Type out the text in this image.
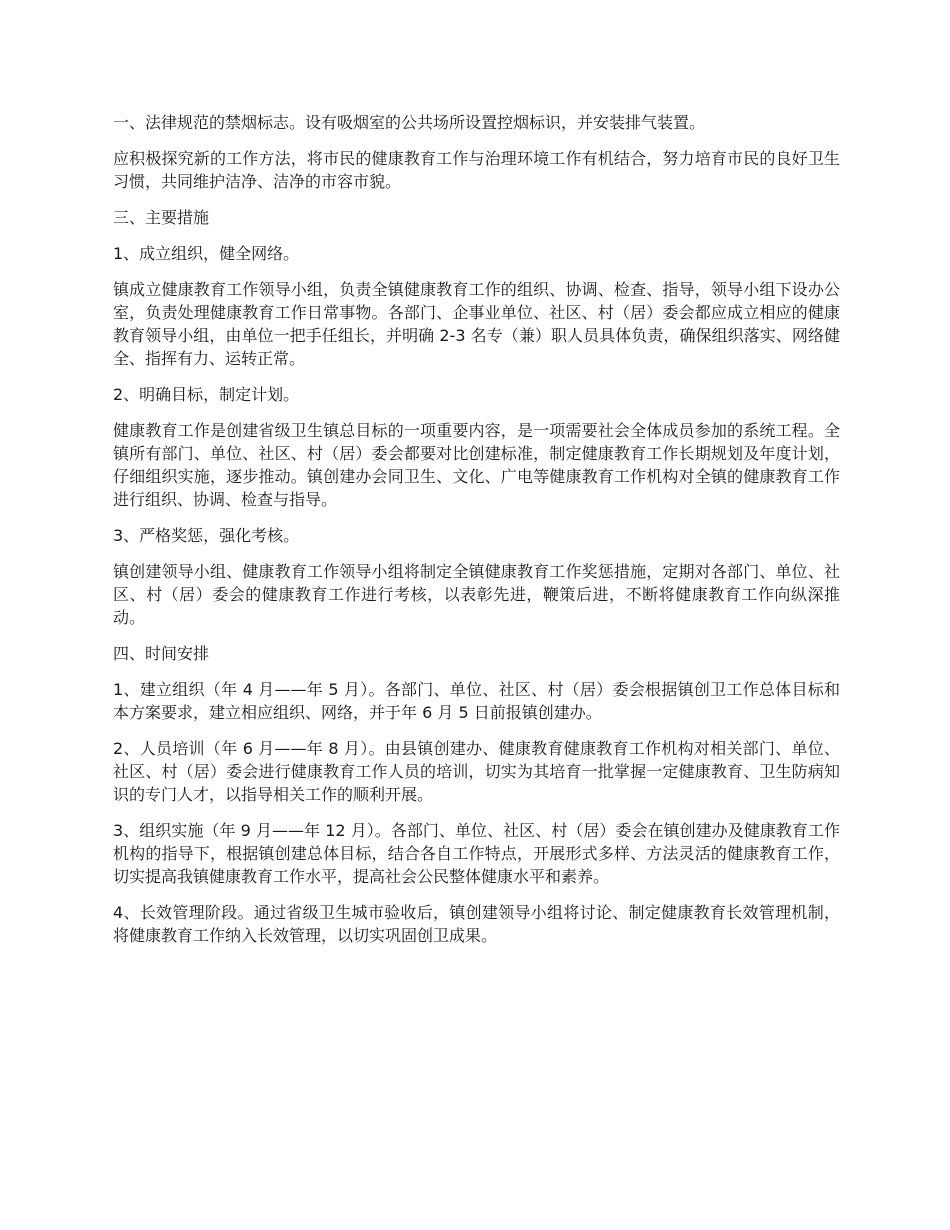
一、法律规范的禁烟标志。设有吸烟室的公共场所设置控烟标识，并安装排气装置。

应积极探究新的工作方法，将市民的健康教育工作与治理环境工作有机结合，努力培育市民的良好卫生习惯，共同维护洁净、洁净的市容市貌。

三、主要措施

1、成立组织，健全网络。

镇成立健康教育工作领导小组，负责全镇健康教育工作的组织、协调、检查、指导，领导小组下设办公室，负责处理健康教育工作日常事物。各部门、企事业单位、社区、村（居）委会都应成立相应的健康教育领导小组，由单位一把手任组长，并明确 2-3 名专（兼）职人员具体负责，确保组织落实、网络健全、指挥有力、运转正常。

2、明确目标，制定计划。

健康教育工作是创建省级卫生镇总目标的一项重要内容，是一项需要社会全体成员参加的系统工程。全镇所有部门、单位、社区、村（居）委会都要对比创建标准，制定健康教育工作长期规划及年度计划，仔细组织实施，逐步推动。镇创建办会同卫生、文化、广电等健康教育工作机构对全镇的健康教育工作进行组织、协调、检查与指导。

3、严格奖惩，强化考核。

镇创建领导小组、健康教育工作领导小组将制定全镇健康教育工作奖惩措施，定期对各部门、单位、社区、村（居）委会的健康教育工作进行考核，以表彰先进，鞭策后进，不断将健康教育工作向纵深推动。

四、时间安排

1、建立组织（年 4 月——年 5 月）。各部门、单位、社区、村（居）委会根据镇创卫工作总体目标和本方案要求，建立相应组织、网络，并于年 6 月 5 日前报镇创建办。

2、人员培训（年 6 月——年 8 月）。由县镇创建办、健康教育健康教育工作机构对相关部门、单位、社区、村（居）委会进行健康教育工作人员的培训，切实为其培育一批掌握一定健康教育、卫生防病知识的专门人才，以指导相关工作的顺利开展。

3、组织实施（年 9 月——年 12 月）。各部门、单位、社区、村（居）委会在镇创建办及健康教育工作机构的指导下，根据镇创建总体目标，结合各自工作特点，开展形式多样、方法灵活的健康教育工作，切实提高我镇健康教育工作水平，提高社会公民整体健康水平和素养。

4、长效管理阶段。通过省级卫生城市验收后，镇创建领导小组将讨论、制定健康教育长效管理机制，将健康教育工作纳入长效管理，以切实巩固创卫成果。
